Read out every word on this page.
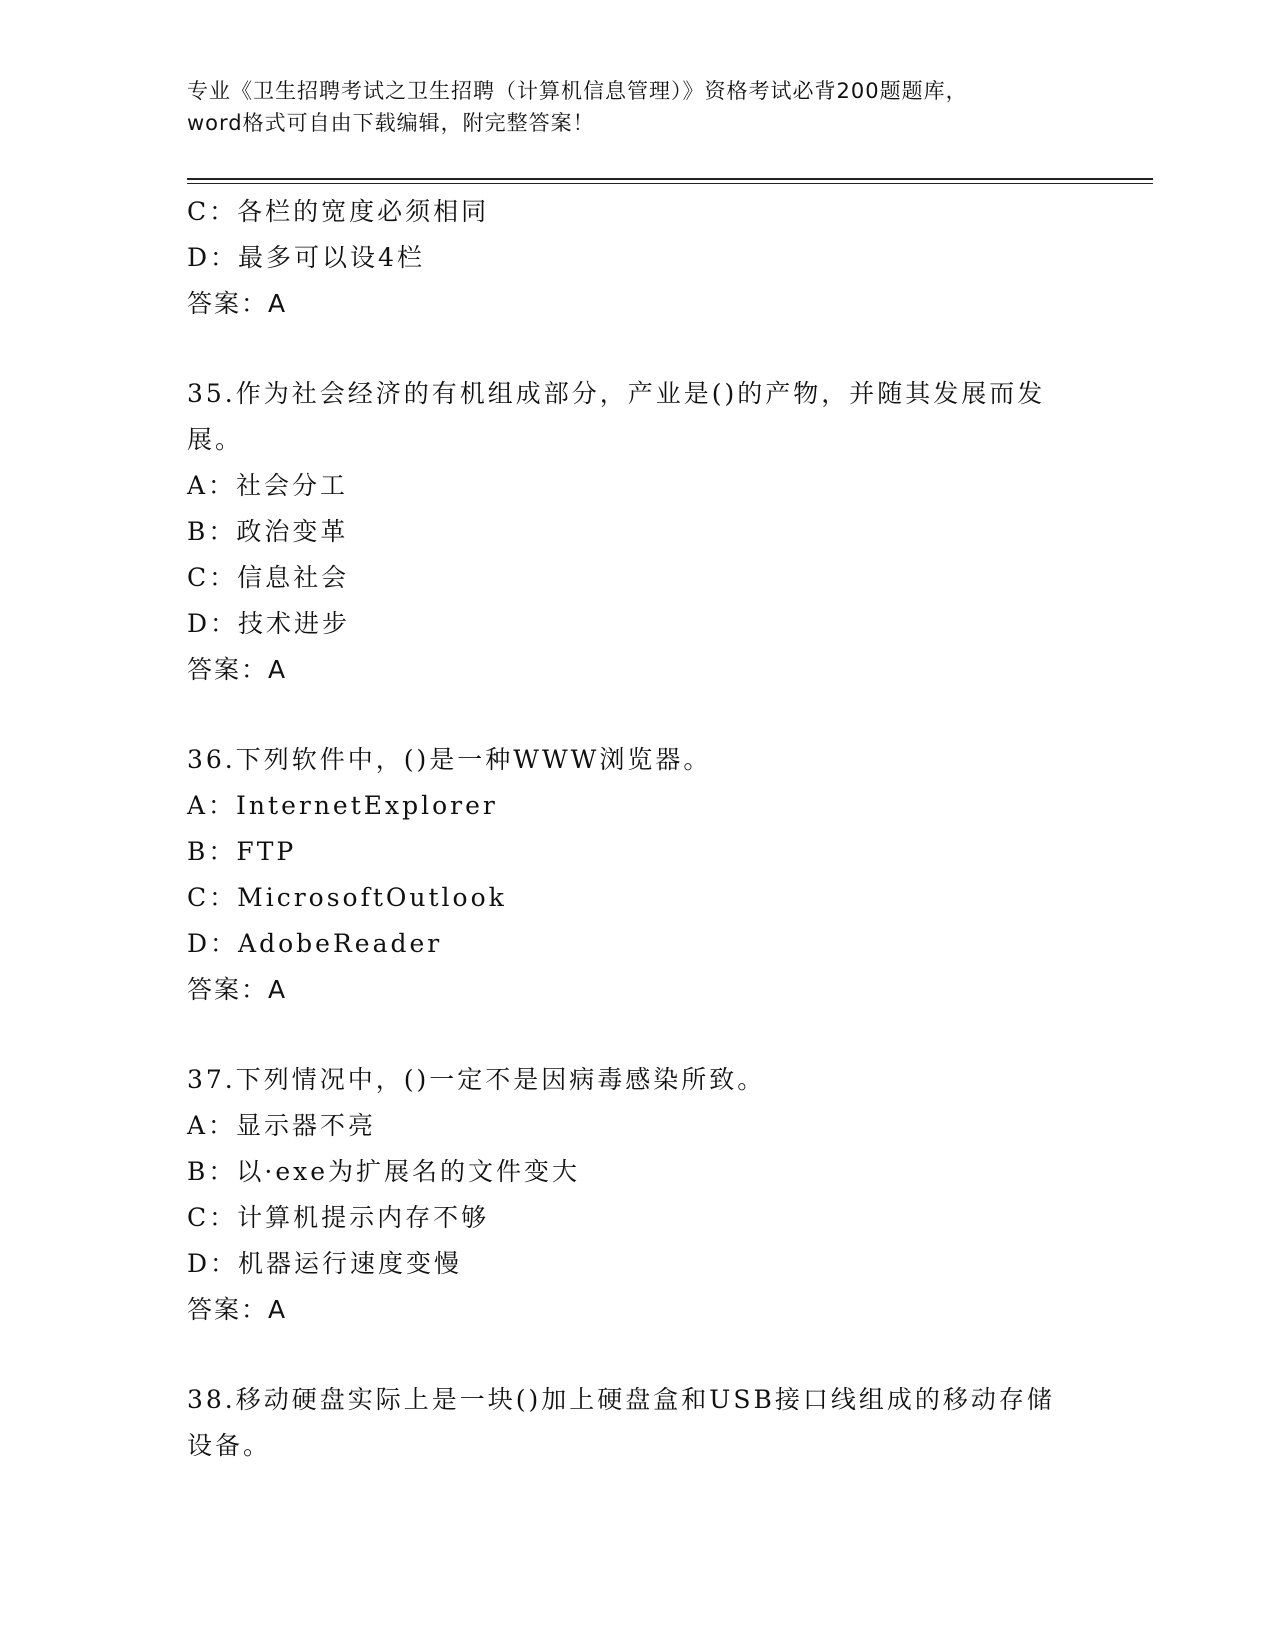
专业《卫生招聘考试之卫生招聘（计算机信息管理）》资格考试必背200题题库，
word格式可自由下载编辑，附完整答案！
C：各栏的宽度必须相同
D：最多可以设4栏
答案：A
35.作为社会经济的有机组成部分，产业是()的产物，并随其发展而发展。
A：社会分工
B：政治变革
C：信息社会
D：技术进步
答案：A
36.下列软件中，()是一种WWW浏览器。
A：InternetExplorer
B：FTP
C：MicrosoftOutlook
D：AdobeReader
答案：A
37.下列情况中，()一定不是因病毒感染所致。
A：显示器不亮
B：以·exe为扩展名的文件变大
C：计算机提示内存不够
D：机器运行速度变慢
答案：A
38.移动硬盘实际上是一块()加上硬盘盒和USB接口线组成的移动存储设备。
